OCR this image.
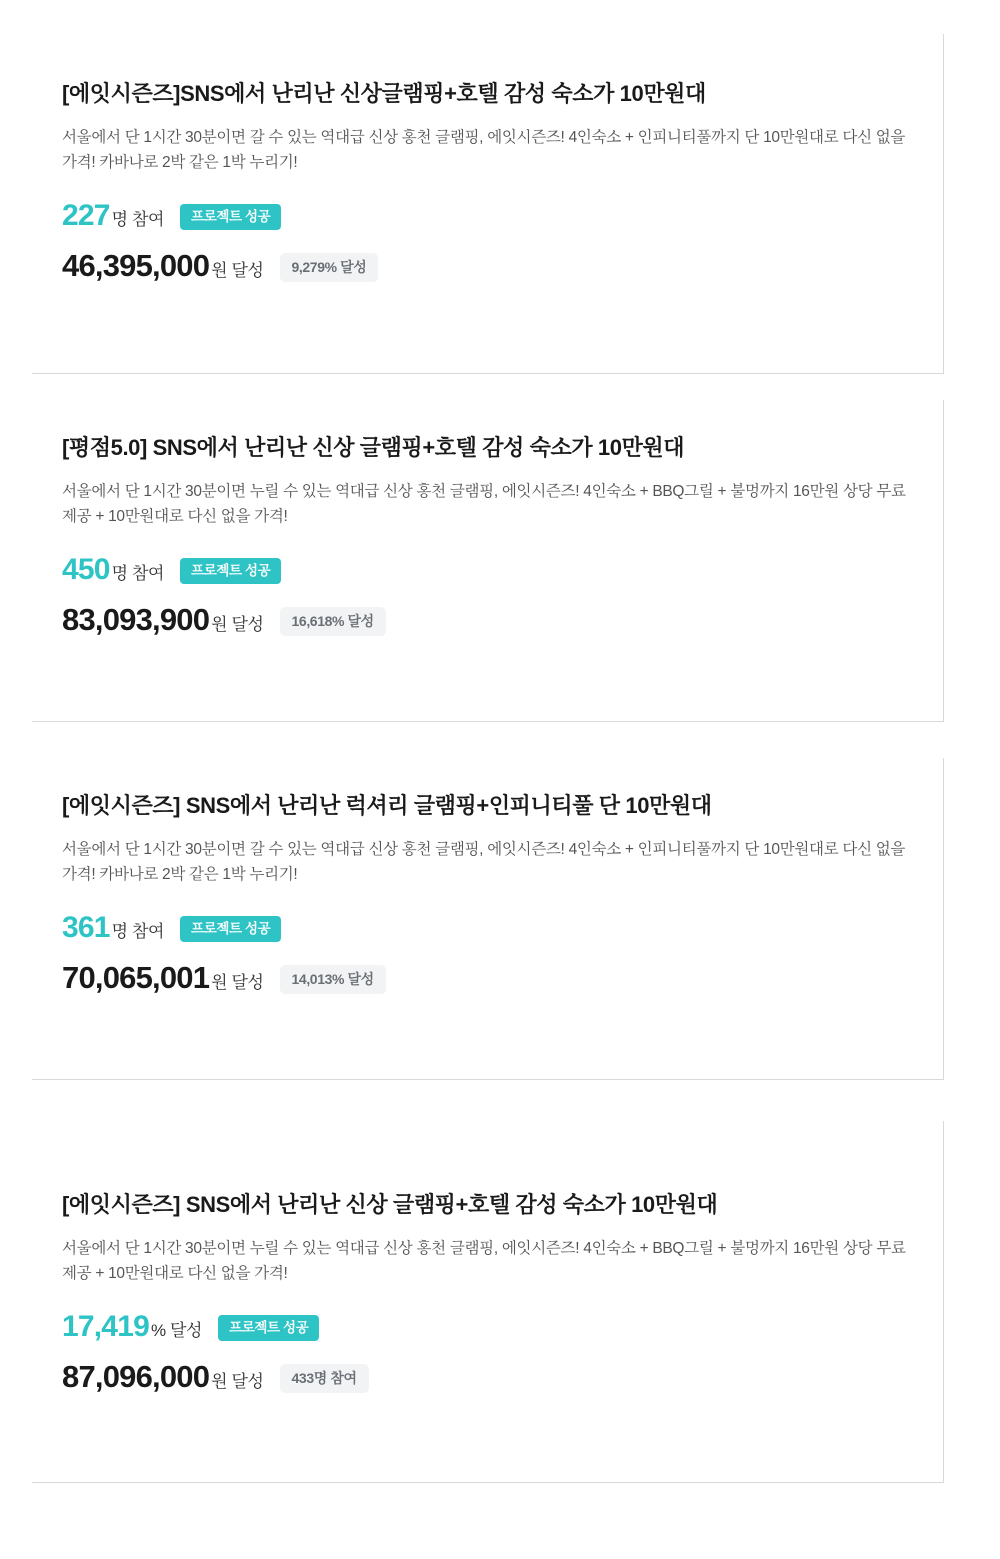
[에잇시즌즈]SNS에서 난리난 신상글램핑+호텔 감성 숙소가 10만원대

서울에서 단 1시간 30분이면 갈 수 있는 역대급 신상 홍천 글램핑, 에잇시즌즈! 4인숙소 + 인피니티풀까지 단 10만원대로 다신 없을 가격! 카바나로 2박 같은 1박 누리기!

227 명 참여	프로젝트 성공
46,395,000 원 달성	9,279% 달성
[평점5.0] SNS에서 난리난 신상 글램핑+호텔 감성 숙소가 10만원대

서울에서 단 1시간 30분이면 누릴 수 있는 역대급 신상 홍천 글램핑, 에잇시즌즈! 4인숙소 + BBQ그릴 + 불멍까지 16만원 상당 무료제공 + 10만원대로 다신 없을 가격!

450 명 참여	프로젝트 성공
83,093,900 원 달성	16,618% 달성
[에잇시즌즈] SNS에서 난리난 럭셔리 글램핑+인피니티풀 단 10만원대

서울에서 단 1시간 30분이면 갈 수 있는 역대급 신상 홍천 글램핑, 에잇시즌즈! 4인숙소 + 인피니티풀까지 단 10만원대로 다신 없을 가격! 카바나로 2박 같은 1박 누리기!

361 명 참여	프로젝트 성공
70,065,001 원 달성	14,013% 달성
[에잇시즌즈] SNS에서 난리난 신상 글램핑+호텔 감성 숙소가 10만원대

서울에서 단 1시간 30분이면 누릴 수 있는 역대급 신상 홍천 글램핑, 에잇시즌즈! 4인숙소 + BBQ그릴 + 불멍까지 16만원 상당 무료제공 + 10만원대로 다신 없을 가격!

17,419 % 달성	프로젝트 성공
87,096,000 원 달성	433명 참여
